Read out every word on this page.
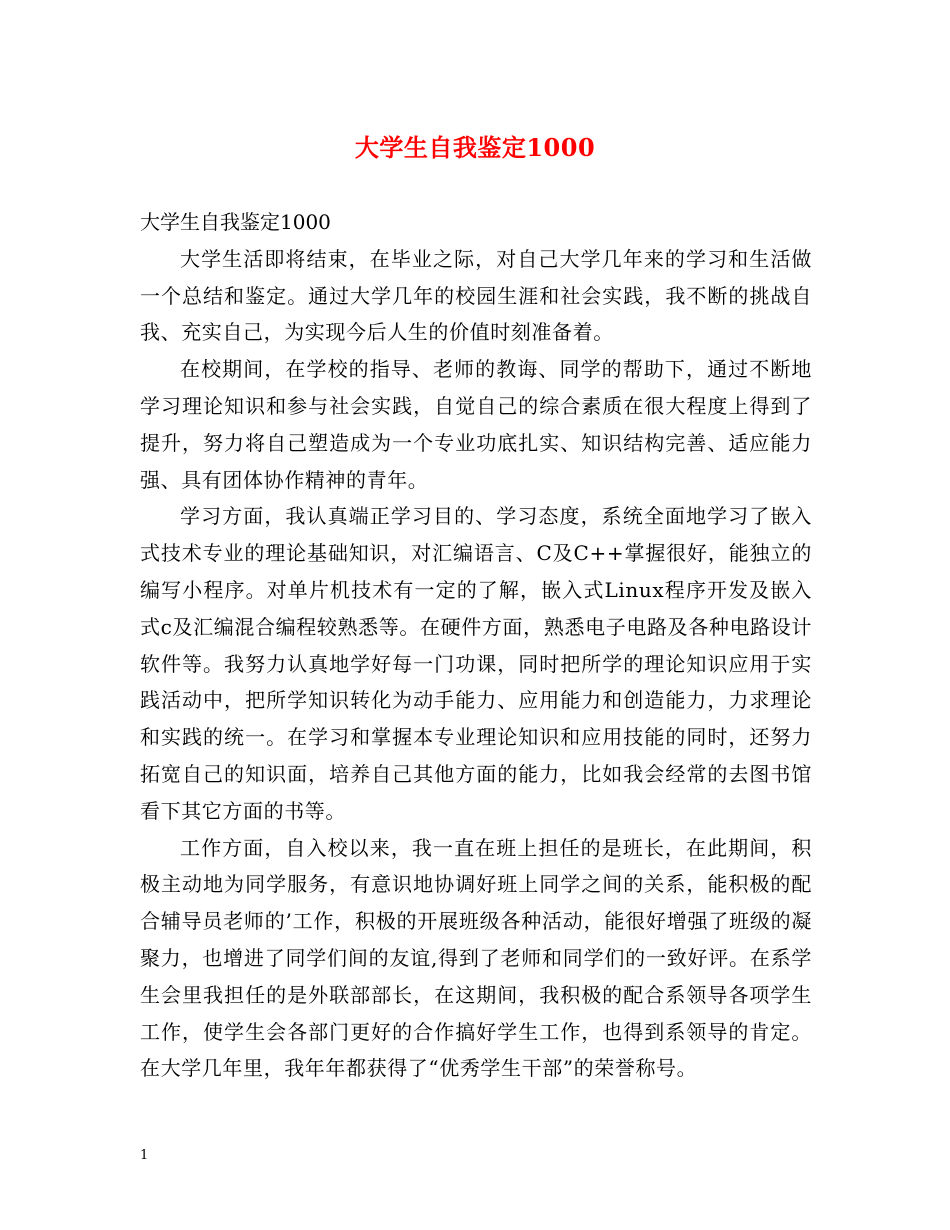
大学生自我鉴定1000

大学生自我鉴定1000

大学生活即将结束，在毕业之际，对自己大学几年来的学习和生活做一个总结和鉴定。通过大学几年的校园生涯和社会实践，我不断的挑战自我、充实自己，为实现今后人生的价值时刻准备着。

在校期间，在学校的指导、老师的教诲、同学的帮助下，通过不断地学习理论知识和参与社会实践，自觉自己的综合素质在很大程度上得到了提升，努力将自己塑造成为一个专业功底扎实、知识结构完善、适应能力强、具有团体协作精神的青年。

学习方面，我认真端正学习目的、学习态度，系统全面地学习了嵌入式技术专业的理论基础知识，对汇编语言、C及C++掌握很好，能独立的编写小程序。对单片机技术有一定的了解，嵌入式Linux程序开发及嵌入式c及汇编混合编程较熟悉等。在硬件方面，熟悉电子电路及各种电路设计软件等。我努力认真地学好每一门功课，同时把所学的理论知识应用于实践活动中，把所学知识转化为动手能力、应用能力和创造能力，力求理论和实践的统一。在学习和掌握本专业理论知识和应用技能的同时，还努力拓宽自己的知识面，培养自己其他方面的能力，比如我会经常的去图书馆看下其它方面的书等。

工作方面，自入校以来，我一直在班上担任的是班长，在此期间，积极主动地为同学服务，有意识地协调好班上同学之间的关系，能积极的配合辅导员老师的’工作，积极的开展班级各种活动，能很好增强了班级的凝聚力，也增进了同学们间的友谊,得到了老师和同学们的一致好评。在系学生会里我担任的是外联部部长，在这期间，我积极的配合系领导各项学生工作，使学生会各部门更好的合作搞好学生工作，也得到系领导的肯定。在大学几年里，我年年都获得了“优秀学生干部”的荣誉称号。

1
